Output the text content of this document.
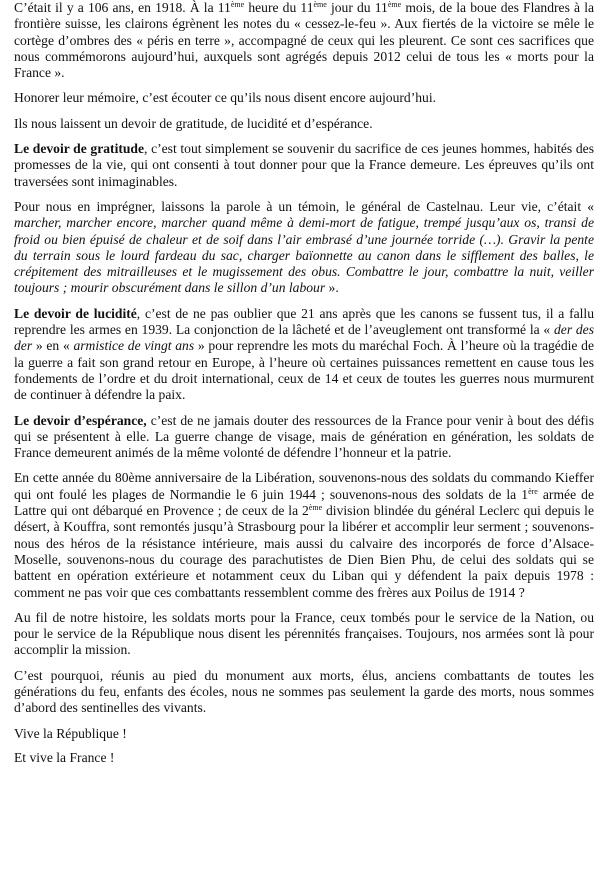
C’était il y a 106 ans, en 1918. À la 11ème heure du 11ème jour du 11ème mois, de la boue des Flandres à la frontière suisse, les clairons égrènent les notes du « cessez-le-feu ». Aux fiertés de la victoire se mêle le cortège d’ombres des « péris en terre », accompagné de ceux qui les pleurent. Ce sont ces sacrifices que nous commémorons aujourd’hui, auxquels sont agrégés depuis 2012 celui de tous les « morts pour la France ».

Honorer leur mémoire, c’est écouter ce qu’ils nous disent encore aujourd’hui.

Ils nous laissent un devoir de gratitude, de lucidité et d’espérance.

Le devoir de gratitude, c’est tout simplement se souvenir du sacrifice de ces jeunes hommes, habités des promesses de la vie, qui ont consenti à tout donner pour que la France demeure. Les épreuves qu’ils ont traversées sont inimaginables.

Pour nous en imprégner, laissons la parole à un témoin, le général de Castelnau. Leur vie, c’était « marcher, marcher encore, marcher quand même à demi-mort de fatigue, trempé jusqu’aux os, transi de froid ou bien épuisé de chaleur et de soif dans l’air embrasé d’une journée torride (…). Gravir la pente du terrain sous le lourd fardeau du sac, charger baïonnette au canon dans le sifflement des balles, le crépitement des mitrailleuses et le mugissement des obus. Combattre le jour, combattre la nuit, veiller toujours ; mourir obscurément dans le sillon d’un labour ».

Le devoir de lucidité, c’est de ne pas oublier que 21 ans après que les canons se fussent tus, il a fallu reprendre les armes en 1939. La conjonction de la lâcheté et de l’aveuglement ont transformé la « der des der » en « armistice de vingt ans » pour reprendre les mots du maréchal Foch. À l’heure où la tragédie de la guerre a fait son grand retour en Europe, à l’heure où certaines puissances remettent en cause tous les fondements de l’ordre et du droit international, ceux de 14 et ceux de toutes les guerres nous murmurent de continuer à défendre la paix.

Le devoir d’espérance, c’est de ne jamais douter des ressources de la France pour venir à bout des défis qui se présentent à elle. La guerre change de visage, mais de génération en génération, les soldats de France demeurent animés de la même volonté de défendre l’honneur et la patrie.

En cette année du 80ème anniversaire de la Libération, souvenons-nous des soldats du commando Kieffer qui ont foulé les plages de Normandie le 6 juin 1944 ; souvenons-nous des soldats de la 1ère armée de Lattre qui ont débarqué en Provence ; de ceux de la 2ème division blindée du général Leclerc qui depuis le désert, à Kouffra, sont remontés jusqu’à Strasbourg pour la libérer et accomplir leur serment ; souvenons-nous des héros de la résistance intérieure, mais aussi du calvaire des incorporés de force d’Alsace-Moselle, souvenons-nous du courage des parachutistes de Dien Bien Phu, de celui des soldats qui se battent en opération extérieure et notamment ceux du Liban qui y défendent la paix depuis 1978 : comment ne pas voir que ces combattants ressemblent comme des frères aux Poilus de 1914 ?

Au fil de notre histoire, les soldats morts pour la France, ceux tombés pour le service de la Nation, ou pour le service de la République nous disent les pérennités françaises. Toujours, nos armées sont là pour accomplir la mission.

C’est pourquoi, réunis au pied du monument aux morts, élus, anciens combattants de toutes les générations du feu, enfants des écoles, nous ne sommes pas seulement la garde des morts, nous sommes d’abord des sentinelles des vivants.

Vive la République !

Et vive la France !
